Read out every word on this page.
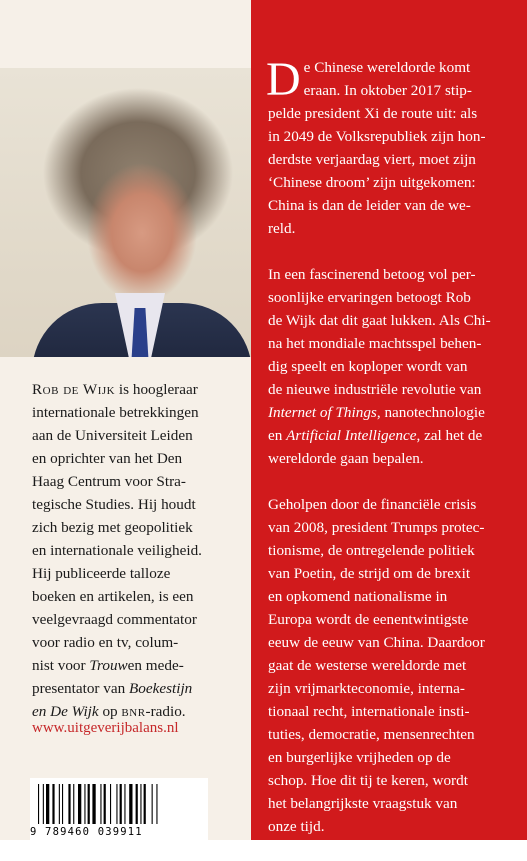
Rob de Wijk is hoogleraar
internationale betrekkingen
aan de Universiteit Leiden
en oprichter van het Den
Haag Centrum voor Stra-
tegische Studies. Hij houdt
zich bezig met geopolitiek
en internationale veiligheid.
Hij publiceerde talloze
boeken en artikelen, is een
veelgevraagd commentator
voor radio en tv, colum-
nist voor Trouwen mede-
presentator van Boekestijn
en De Wijk op bnr-radio.
www.uitgeverijbalans.nl
9 789460 039911
D e Chinese wereldorde komt
eraan. In oktober 2017 stip-
pelde president Xi de route uit: als
in 2049 de Volksrepubliek zijn hon-
derdste verjaardag viert, moet zijn
‘Chinese droom’ zijn uitgekomen:
China is dan de leider van de we-
reld.
In een fascinerend betoog vol per-
soonlijke ervaringen betoogt Rob
de Wijk dat dit gaat lukken. Als Chi-
na het mondiale machtsspel behen-
dig speelt en koploper wordt van
de nieuwe industriële revolutie van
Internet of Things, nanotechnologie
en Artificial Intelligence, zal het de
wereldorde gaan bepalen.
Geholpen door de financiële crisis
van 2008, president Trumps protec-
tionisme, de ontregelende politiek
van Poetin, de strijd om de brexit
en opkomend nationalisme in
Europa wordt de eenentwintigste
eeuw de eeuw van China. Daardoor
gaat de westerse wereldorde met
zijn vrijmarkteconomie, interna-
tionaal recht, internationale insti-
tuties, democratie, mensenrechten
en burgerlijke vrijheden op de
schop. Hoe dit tij te keren, wordt
het belangrijkste vraagstuk van
onze tijd.
